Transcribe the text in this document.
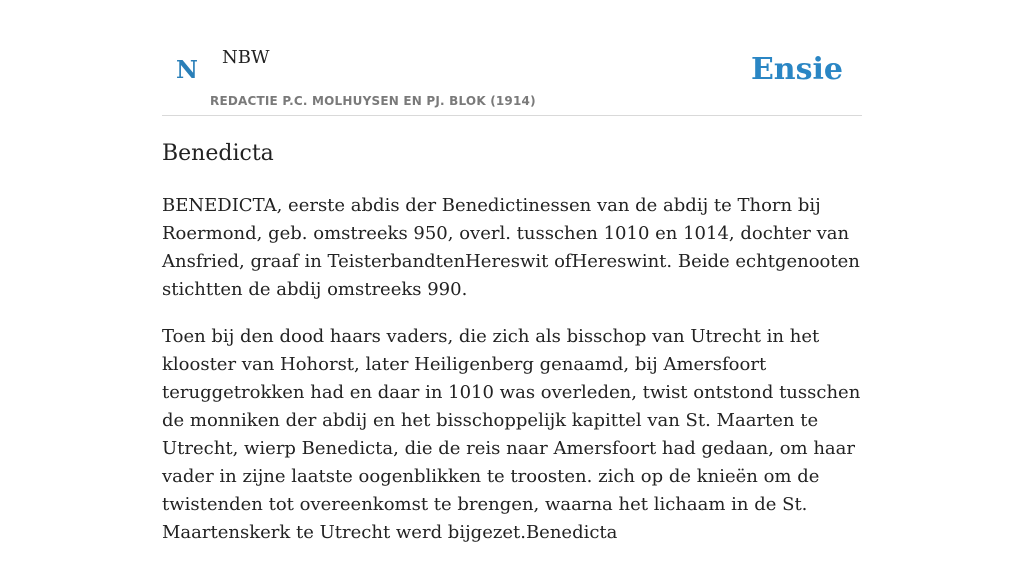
N NBW
REDACTIE P.C. MOLHUYSEN EN PJ. BLOK (1914)
Ensie
Benedicta

BENEDICTA, eerste abdis der Benedictinessen van de abdij te Thorn bij Roermond, geb. omstreeks 950, overl. tusschen 1010 en 1014, dochter van Ansfried, graaf in TeisterbandtenHereswit ofHereswint. Beide echtgenooten stichtten de abdij omstreeks 990.

Toen bij den dood haars vaders, die zich als bisschop van Utrecht in het klooster van Hohorst, later Heiligenberg genaamd, bij Amersfoort teruggetrokken had en daar in 1010 was overleden, twist ontstond tusschen de monniken der abdij en het bisschoppelijk kapittel van St. Maarten te Utrecht, wierp Benedicta, die de reis naar Amersfoort had gedaan, om haar vader in zijne laatste oogenblikken te troosten. zich op de knieën om de twistenden tot overeenkomst te brengen, waarna het lichaam in de St. Maartenskerk te Utrecht werd bijgezet.Benedicta
